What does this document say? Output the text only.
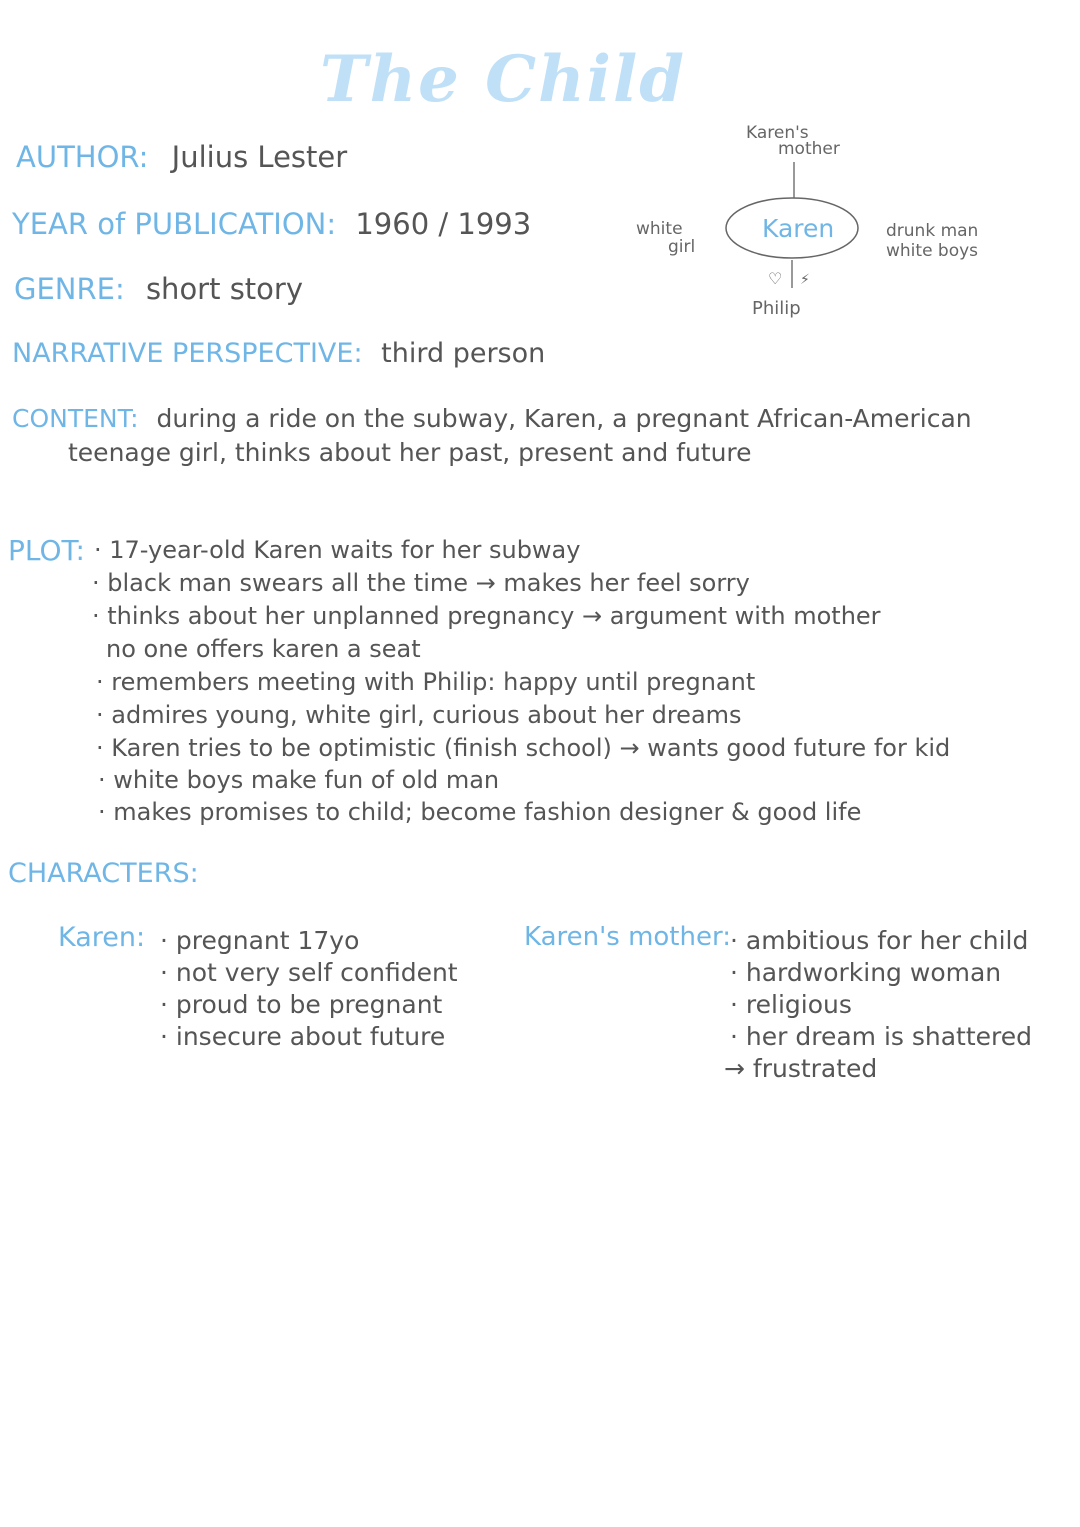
The Child
AUTHOR: Julius Lester
YEAR of PUBLICATION: 1960 / 1993
GENRE: short story
NARRATIVE PERSPECTIVE: third person
Karen's
mother
Karen
white
girl
drunk man
white boys
♡ ⚡
Philip
CONTENT: during a ride on the subway, Karen, a pregnant African-American
teenage girl, thinks about her past, present and future
PLOT: · 17-year-old Karen waits for her subway
· black man swears all the time → makes her feel sorry
· thinks about her unplanned pregnancy → argument with mother
no one offers karen a seat
· remembers meeting with Philip: happy until pregnant
· admires young, white girl, curious about her dreams
· Karen tries to be optimistic (finish school) → wants good future for kid
· white boys make fun of old man
· makes promises to child; become fashion designer & good life
CHARACTERS:
Karen: · pregnant 17yo
· not very self confident
· proud to be pregnant
· insecure about future
Karen's mother: · ambitious for her child
· hardworking woman
· religious
· her dream is shattered
→ frustrated
